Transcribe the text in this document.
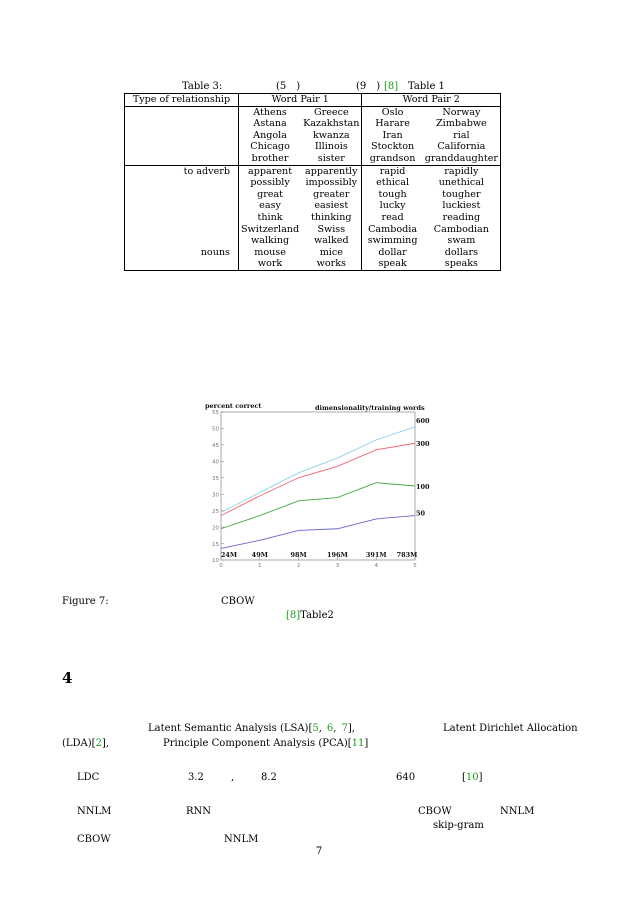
Table 3:	(5 )	(9 ) [8] Table 1
Type of relationship	Word Pair 1		Word Pair 2	
	Athens	Greece	Oslo	Norway
	Astana	Kazakhstan	Harare	Zimbabwe
	Angola	kwanza	Iran	rial
	Chicago	Illinois	Stockton	California
	brother	sister	grandson	granddaughter
to adverb	apparent	apparently	rapid	rapidly
	possibly	impossibly	ethical	unethical
	great	greater	tough	tougher
	easy	easiest	lucky	luckiest
	think	thinking	read	reading
	Switzerland	Swiss	Cambodia	Cambodian
	walking	walked	swimming	swam
nouns	mouse	mice	dollar	dollars
	work	works	speak	speaks
10
15
20
25
30
35
40
45
50
55
0	1	2	3	4	5
600
300
100
50
percent correct	dimensionality/training words
24M 49M	98M	196M	391M 783M
Figure 7:	CBOW
[8]Table2
4
Latent Semantic Analysis (LSA)[5, 6, 7],	Latent Dirichlet Allocation
(LDA)[2],	Principle Component Analysis (PCA)[11]
LDC	3.2	,	8.2	640	[10]
NNLM	RNN	CBOW	NNLM
skip-gram
CBOW	NNLM
7
